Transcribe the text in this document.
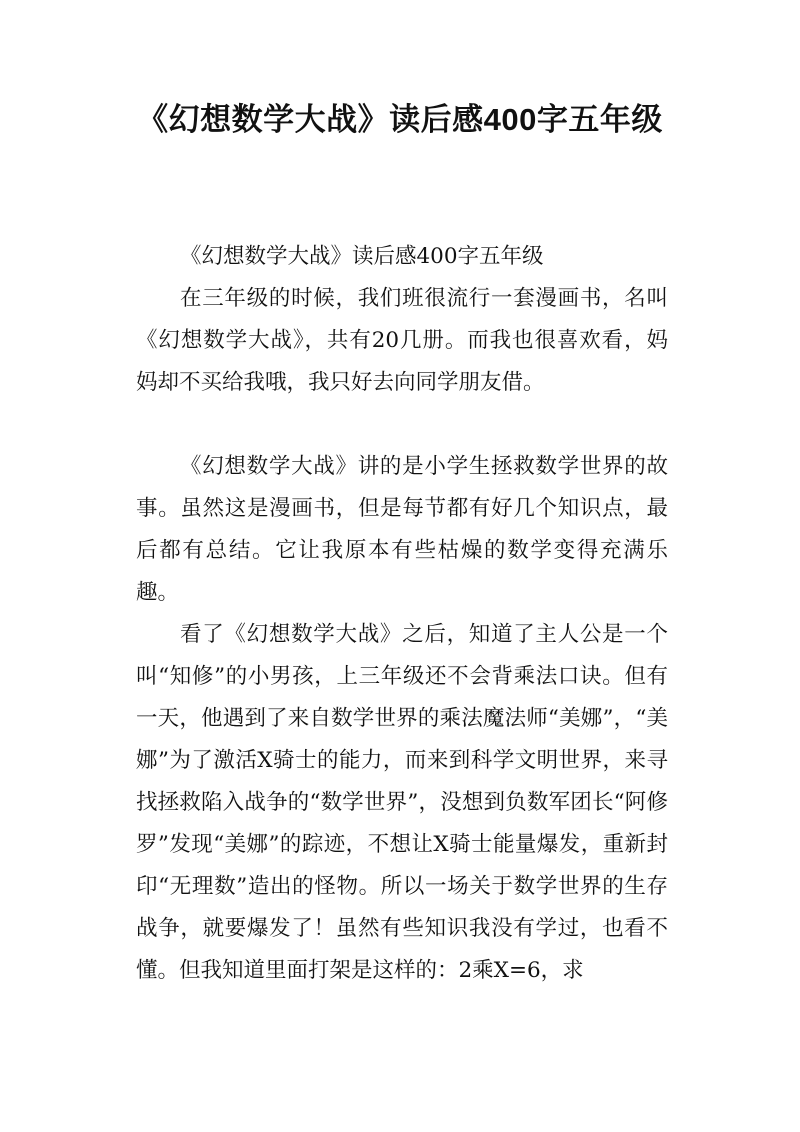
《幻想数学大战》读后感400字五年级

《幻想数学大战》读后感400字五年级

在三年级的时候，我们班很流行一套漫画书，名叫《幻想数学大战》，共有20几册。而我也很喜欢看，妈妈却不买给我哦，我只好去向同学朋友借。

《幻想数学大战》讲的是小学生拯救数学世界的故事。虽然这是漫画书，但是每节都有好几个知识点，最后都有总结。它让我原本有些枯燥的数学变得充满乐趣。

看了《幻想数学大战》之后，知道了主人公是一个叫“知修”的小男孩，上三年级还不会背乘法口诀。但有一天，他遇到了来自数学世界的乘法魔法师“美娜”，“美娜”为了激活X骑士的能力，而来到科学文明世界，来寻找拯救陷入战争的“数学世界”，没想到负数军团长“阿修罗”发现“美娜”的踪迹，不想让X骑士能量爆发，重新封印“无理数”造出的怪物。所以一场关于数学世界的生存战争，就要爆发了！虽然有些知识我没有学过，也看不懂。但我知道里面打架是这样的：2乘X=6，求
